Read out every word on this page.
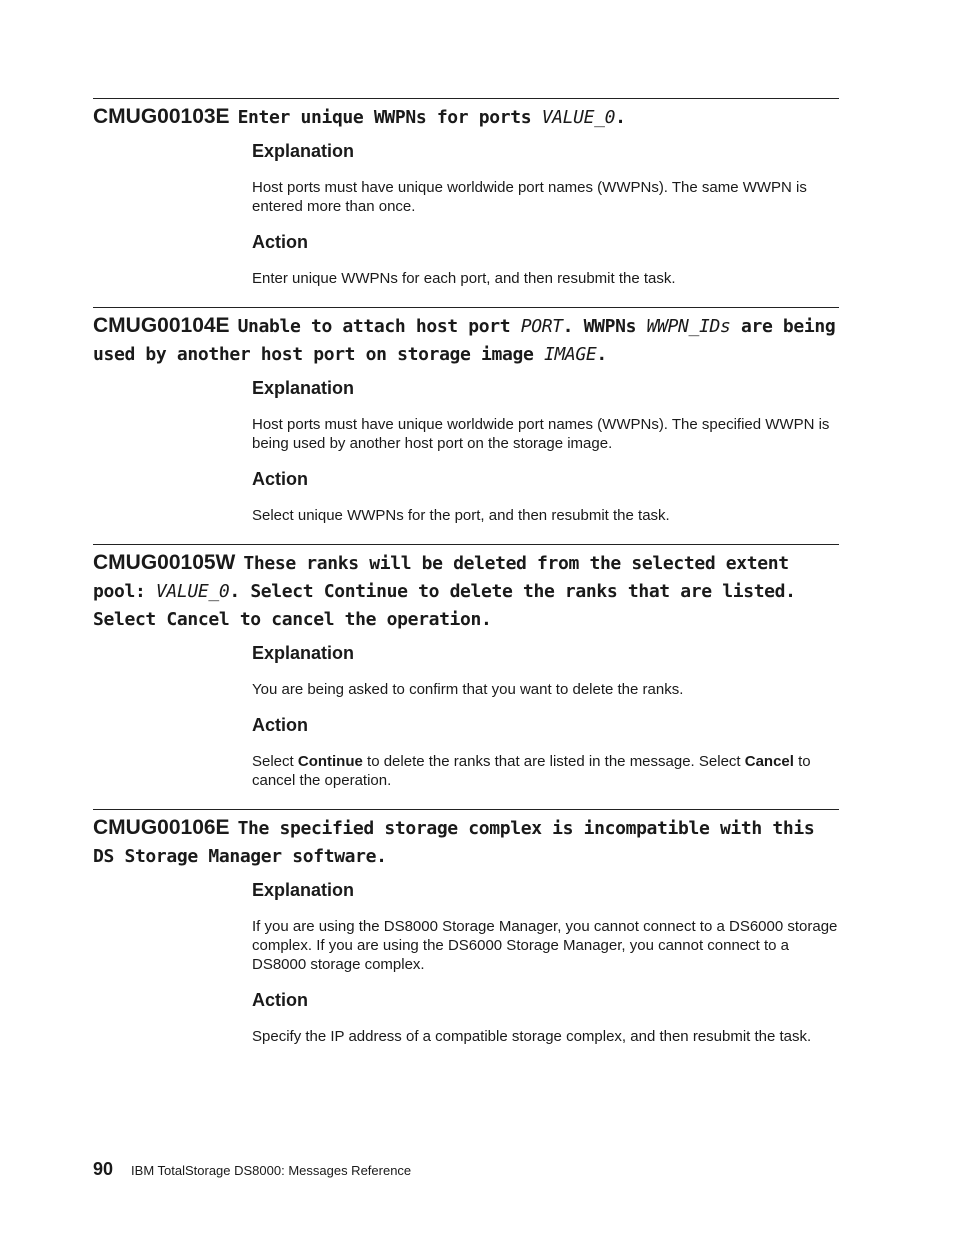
CMUG00103E Enter unique WWPNs for ports VALUE_0.

Explanation

Host ports must have unique worldwide port names (WWPNs). The same WWPN is entered more than once.

Action

Enter unique WWPNs for each port, and then resubmit the task.

CMUG00104E Unable to attach host port PORT. WWPNs WWPN_IDs are being used by another host port on storage image IMAGE.

Explanation

Host ports must have unique worldwide port names (WWPNs). The specified WWPN is being used by another host port on the storage image.

Action

Select unique WWPNs for the port, and then resubmit the task.

CMUG00105W These ranks will be deleted from the selected extent pool: VALUE_0. Select Continue to delete the ranks that are listed. Select Cancel to cancel the operation.

Explanation

You are being asked to confirm that you want to delete the ranks.

Action

Select Continue to delete the ranks that are listed in the message. Select Cancel to cancel the operation.

CMUG00106E The specified storage complex is incompatible with this DS Storage Manager software.

Explanation

If you are using the DS8000 Storage Manager, you cannot connect to a DS6000 storage complex. If you are using the DS6000 Storage Manager, you cannot connect to a DS8000 storage complex.

Action

Specify the IP address of a compatible storage complex, and then resubmit the task.

90 IBM TotalStorage DS8000: Messages Reference
